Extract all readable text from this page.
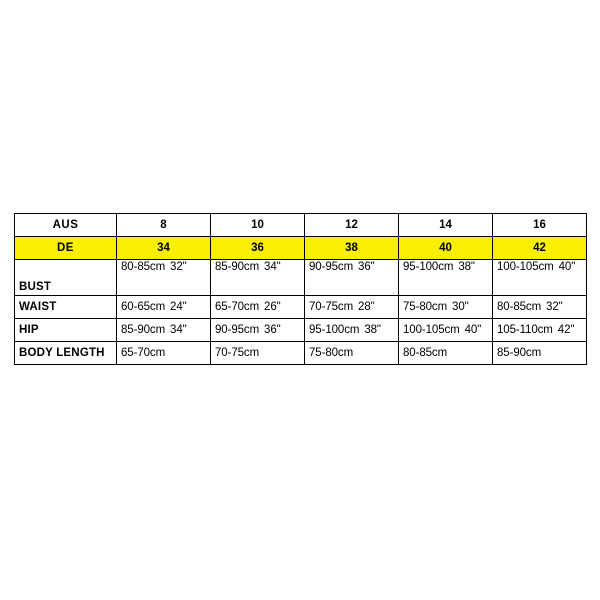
AUS	8	10	12	14	16
DE	34	36	38	40	42
BUST	80-85cm 32"	85-90cm 34"	90-95cm 36"	95-100cm 38"	100-105cm 40"
WAIST	60-65cm 24"	65-70cm 26"	70-75cm 28"	75-80cm 30"	80-85cm 32"
HIP	85-90cm 34"	90-95cm 36"	95-100cm 38"	100-105cm 40"	105-110cm 42"
BODY LENGTH	65-70cm	70-75cm	75-80cm	80-85cm	85-90cm
